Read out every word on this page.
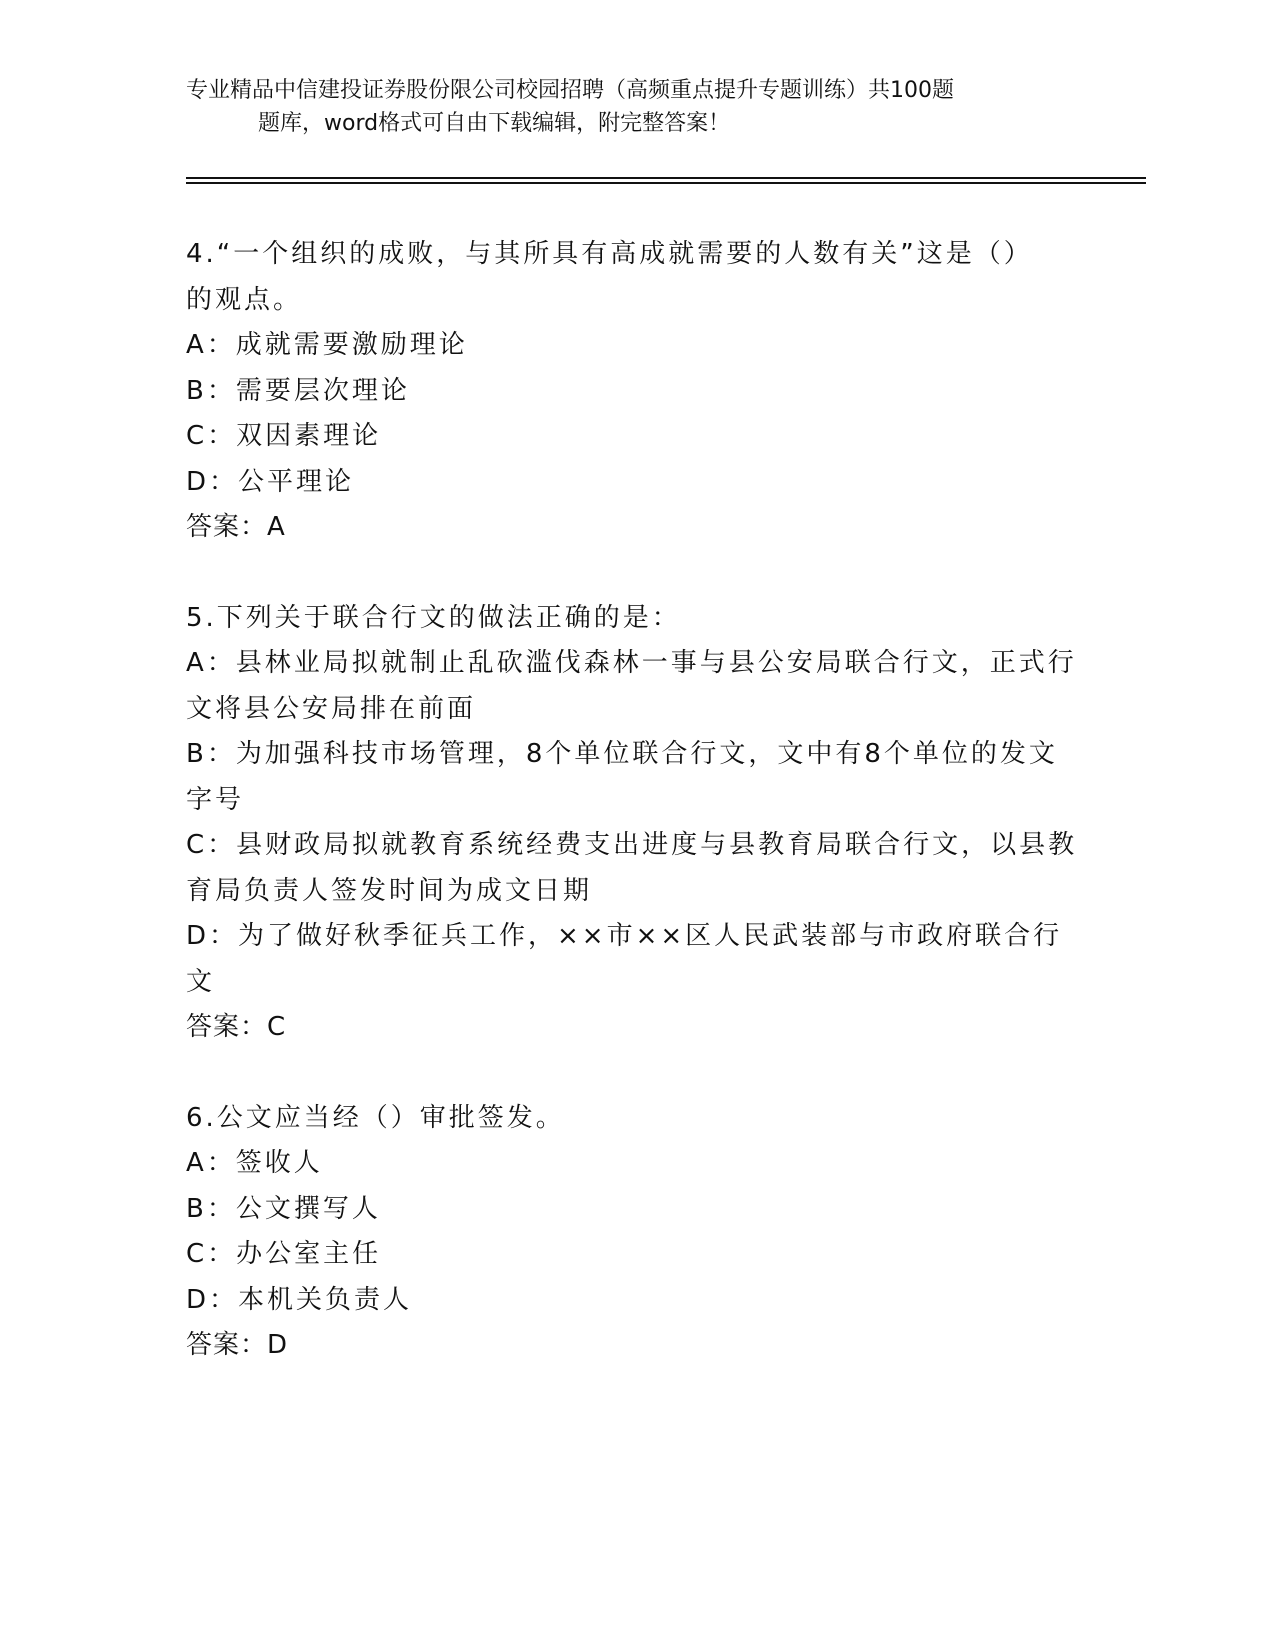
专业精品中信建投证券股份限公司校园招聘（高频重点提升专题训练）共100题
题库，word格式可自由下载编辑，附完整答案！
4.“一个组织的成败，与其所具有高成就需要的人数有关”这是（）
的观点。
A：成就需要激励理论
B：需要层次理论
C：双因素理论
D：公平理论
答案：A
5.下列关于联合行文的做法正确的是：
A：县林业局拟就制止乱砍滥伐森林一事与县公安局联合行文，正式行
文将县公安局排在前面
B：为加强科技市场管理，8个单位联合行文，文中有8个单位的发文
字号
C：县财政局拟就教育系统经费支出进度与县教育局联合行文，以县教
育局负责人签发时间为成文日期
D：为了做好秋季征兵工作，××市××区人民武装部与市政府联合行
文
答案：C
6.公文应当经（）审批签发。
A：签收人
B：公文撰写人
C：办公室主任
D：本机关负责人
答案：D
